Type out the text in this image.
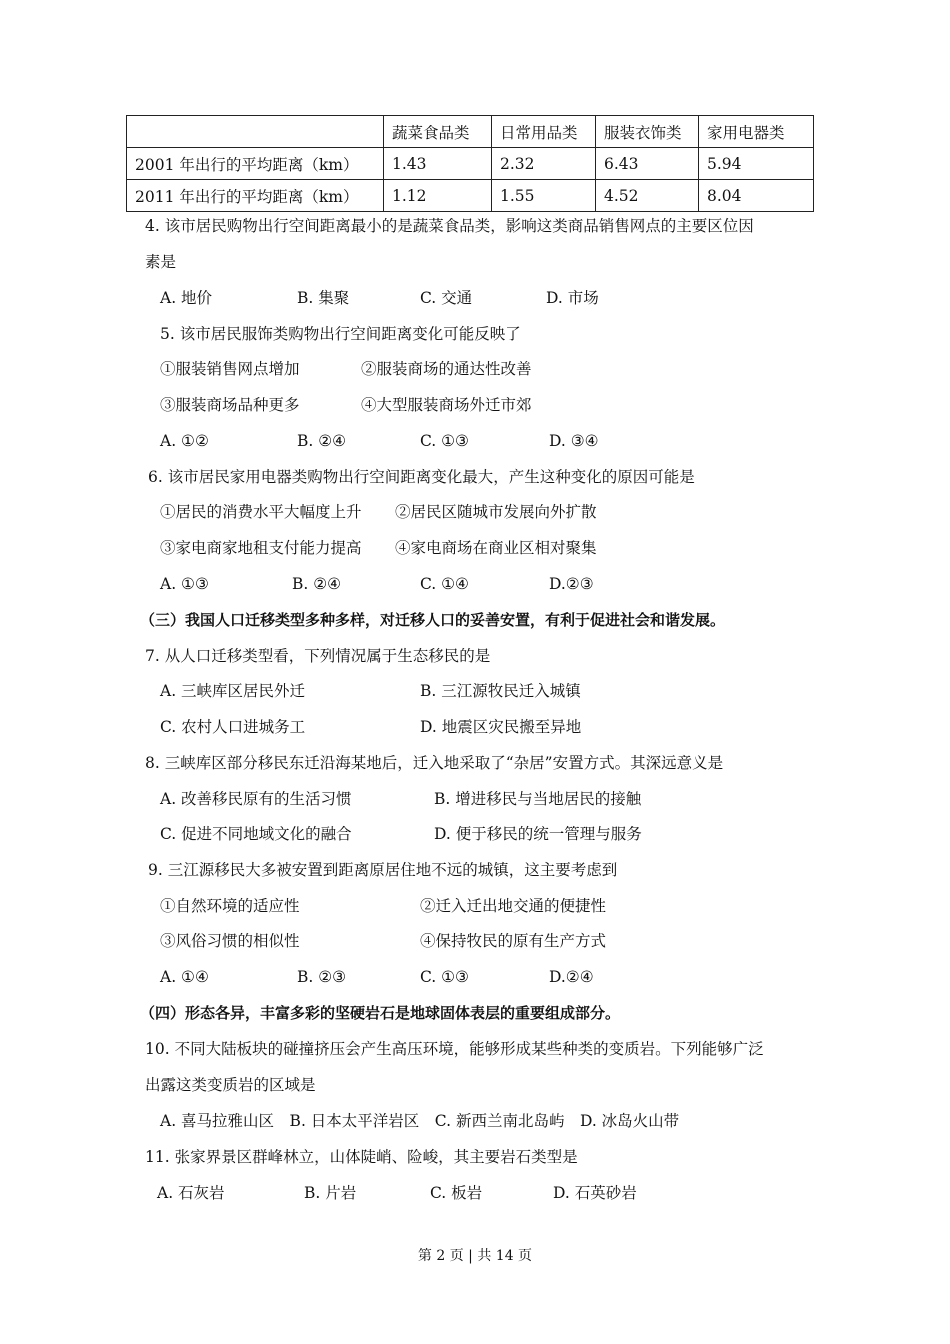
	蔬菜食品类	日常用品类	服装衣饰类	家用电器类
2001 年出行的平均距离（km）	1.43	2.32	6.43	5.94
2011 年出行的平均距离（km）	1.12	1.55	4.52	8.04
4. 该市居民购物出行空间距离最小的是蔬菜食品类，影响这类商品销售网点的主要区位因
素是
A. 地价	B. 集聚	C. 交通	D. 市场
5. 该市居民服饰类购物出行空间距离变化可能反映了
①服装销售网点增加	②服装商场的通达性改善
③服装商场品种更多	④大型服装商场外迁市郊
A. ①②	B. ②④	C. ①③	D. ③④
6. 该市居民家用电器类购物出行空间距离变化最大，产生这种变化的原因可能是
①居民的消费水平大幅度上升 ②居民区随城市发展向外扩散
③家电商家地租支付能力提高 ④家电商场在商业区相对聚集
A. ①③	B. ②④	C. ①④	D.②③
（三）我国人口迁移类型多种多样，对迁移人口的妥善安置，有利于促进社会和谐发展。
7. 从人口迁移类型看，下列情况属于生态移民的是
A. 三峡库区居民外迁	B. 三江源牧民迁入城镇
C. 农村人口进城务工	D. 地震区灾民搬至异地
8. 三峡库区部分移民东迁沿海某地后，迁入地采取了“杂居”安置方式。其深远意义是
A. 改善移民原有的生活习惯	B. 增进移民与当地居民的接触
C. 促进不同地域文化的融合	D. 便于移民的统一管理与服务
9. 三江源移民大多被安置到距离原居住地不远的城镇，这主要考虑到
①自然环境的适应性	②迁入迁出地交通的便捷性
③风俗习惯的相似性	④保持牧民的原有生产方式
A. ①④	B. ②③	C. ①③	D.②④
（四）形态各异，丰富多彩的坚硬岩石是地球固体表层的重要组成部分。
10. 不同大陆板块的碰撞挤压会产生高压环境，能够形成某些种类的变质岩。下列能够广泛
出露这类变质岩的区域是
A. 喜马拉雅山区　B. 日本太平洋岩区　C. 新西兰南北岛屿　D. 冰岛火山带
11. 张家界景区群峰林立，山体陡峭、险峻，其主要岩石类型是
A. 石灰岩	B. 片岩	C. 板岩	D. 石英砂岩
第 2 页 | 共 14 页
